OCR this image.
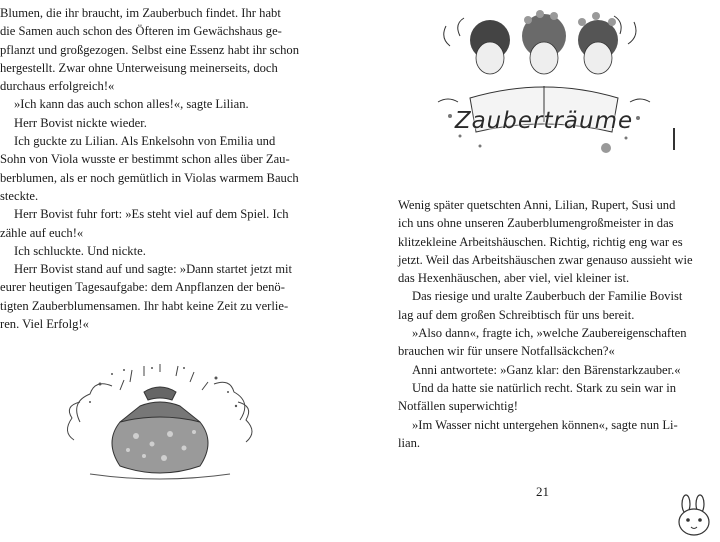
Blumen, die ihr braucht, im Zauberbuch findet. Ihr habt

die Samen auch schon des Öfteren im Gewächshaus ge-

pflanzt und großgezogen. Selbst eine Essenz habt ihr schon

hergestellt. Zwar ohne Unterweisung meinerseits, doch

durchaus erfolgreich!«

»Ich kann das auch schon alles!«, sagte Lilian.

Herr Bovist nickte wieder.

Ich guckte zu Lilian. Als Enkelsohn von Emilia und

Sohn von Viola wusste er bestimmt schon alles über Zau-

berblumen, als er noch gemütlich in Violas warmem Bauch

steckte.

Herr Bovist fuhr fort: »Es steht viel auf dem Spiel. Ich

zähle auf euch!«

Ich schluckte. Und nickte.

Herr Bovist stand auf und sagte: »Dann startet jetzt mit

eurer heutigen Tagesaufgabe: dem Anpflanzen der benö-

tigten Zauberblumensamen. Ihr habt keine Zeit zu verlie-

ren. Viel Erfolg!«

Zauberträume

Wenig später quetschten Anni, Lilian, Rupert, Susi und

ich uns ohne unseren Zauberblumengroßmeister in das

klitzekleine Arbeitshäuschen. Richtig, richtig eng war es

jetzt. Weil das Arbeitshäuschen zwar genauso aussieht wie

das Hexenhäuschen, aber viel, viel kleiner ist.

Das riesige und uralte Zauberbuch der Familie Bovist

lag auf dem großen Schreibtisch für uns bereit.

»Also dann«, fragte ich, »welche Zaubereigenschaften

brauchen wir für unsere Notfallsäckchen?«

Anni antwortete: »Ganz klar: den Bärenstarkzauber.«

Und da hatte sie natürlich recht. Stark zu sein war in

Notfällen superwichtig!

»Im Wasser nicht untergehen können«, sagte nun Li-

lian.

21
